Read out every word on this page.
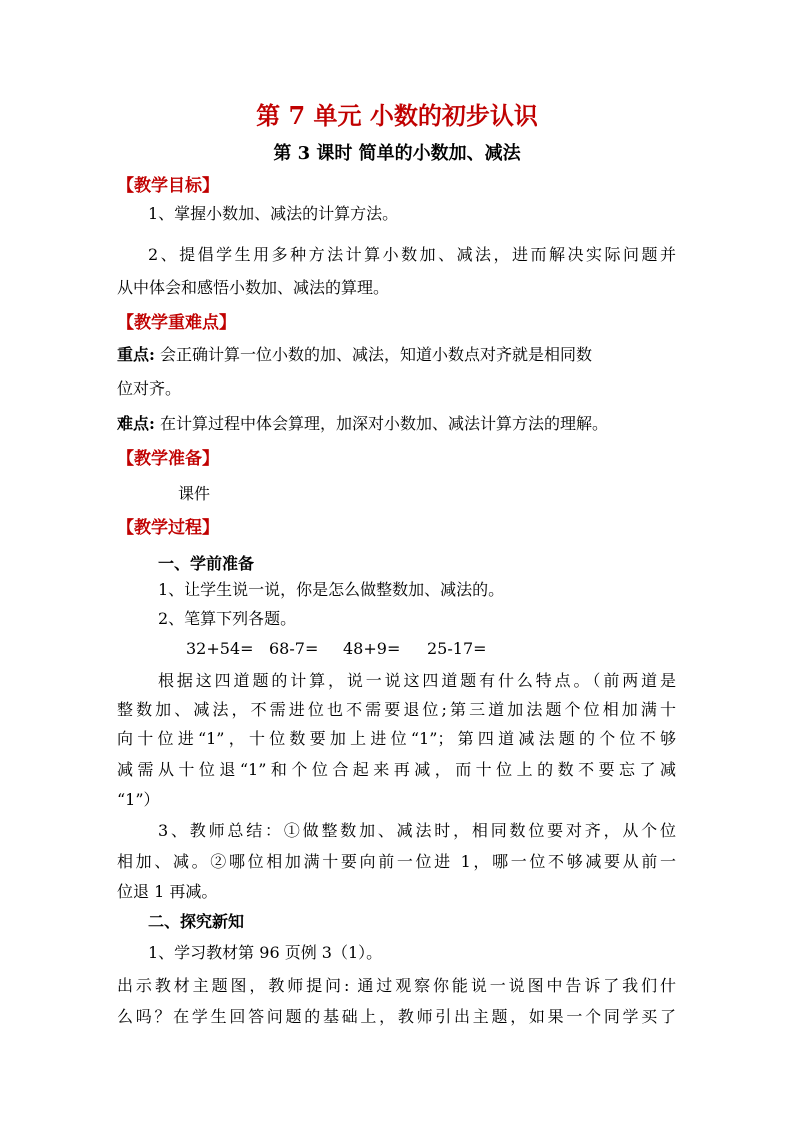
第 7 单元 小数的初步认识
第 3 课时 简单的小数加、减法
【教学目标】
1、掌握小数加、减法的计算方法。
2、提倡学生用多种方法计算小数加、减法，进而解决实际问题并
从中体会和感悟小数加、减法的算理。
【教学重难点】
重点: 会正确计算一位小数的加、减法，知道小数点对齐就是相同数
位对齐。
难点: 在计算过程中体会算理，加深对小数加、减法计算方法的理解。
【教学准备】
课件
【教学过程】
一、学前准备
1、让学生说一说，你是怎么做整数加、减法的。
2、笔算下列各题。
32+54= 68-7= 48+9= 25-17=
根据这四道题的计算，说一说这四道题有什么特点。（前两道是
整数加、减法，不需进位也不需要退位;第三道加法题个位相加满十
向十位进“1”，十位数要加上进位“1”；第四道减法题的个位不够
减需从十位退“1”和个位合起来再减，而十位上的数不要忘了减
“1”）
3、教师总结：①做整数加、减法时，相同数位要对齐，从个位
相加、减。②哪位相加满十要向前一位进 1，哪一位不够减要从前一
位退 1 再减。
二、探究新知
1、学习教材第 96 页例 3（1）。
出示教材主题图，教师提问: 通过观察你能说一说图中告诉了我们什
么吗？在学生回答问题的基础上，教师引出主题，如果一个同学买了
